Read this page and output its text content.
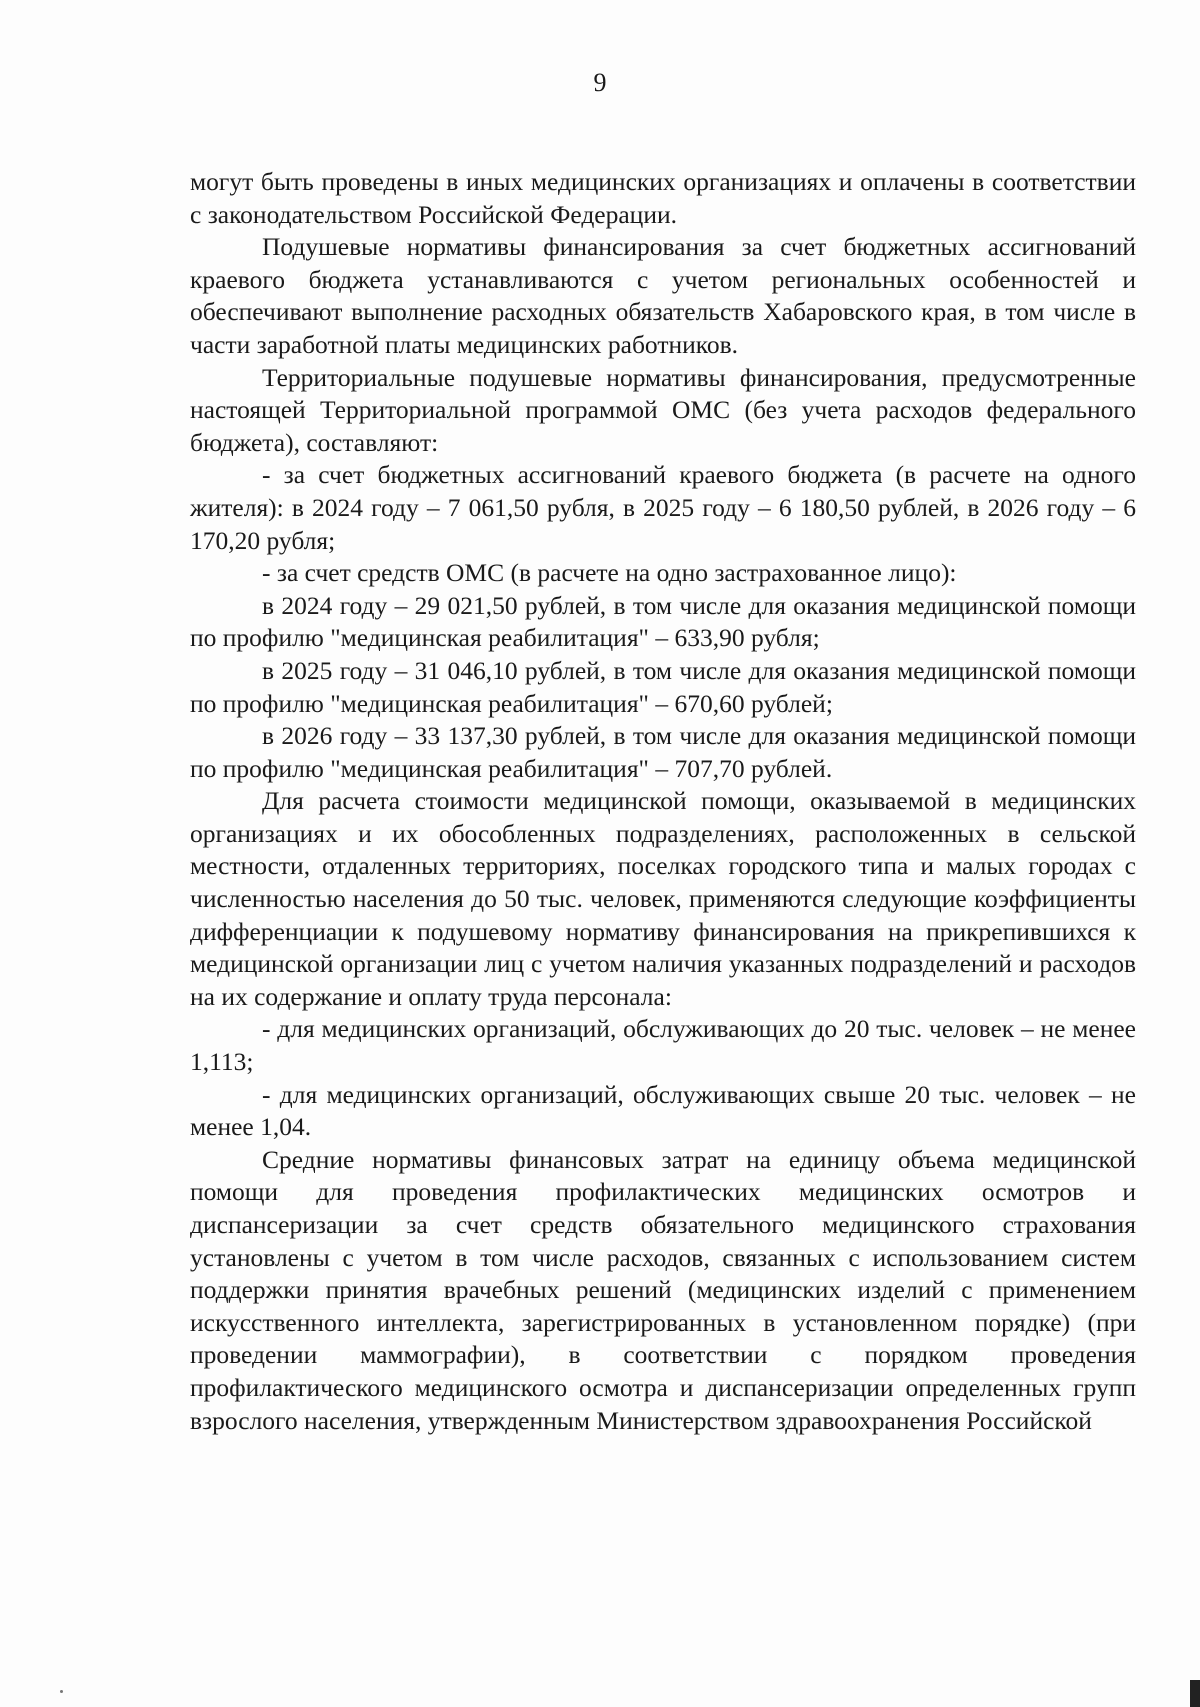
9

могут быть проведены в иных медицинских организациях и оплачены в соответствии с законодательством Российской Федерации.

Подушевые нормативы финансирования за счет бюджетных ассигнований краевого бюджета устанавливаются с учетом региональных особенностей и обеспечивают выполнение расходных обязательств Хабаровского края, в том числе в части заработной платы медицинских работников.

Территориальные подушевые нормативы финансирования, предусмотренные настоящей Территориальной программой ОМС (без учета расходов федерального бюджета), составляют:

- за счет бюджетных ассигнований краевого бюджета (в расчете на одного жителя): в 2024 году – 7 061,50 рубля, в 2025 году – 6 180,50 рублей, в 2026 году – 6 170,20 рубля;

- за счет средств ОМС (в расчете на одно застрахованное лицо):

в 2024 году – 29 021,50 рублей, в том числе для оказания медицинской помощи по профилю "медицинская реабилитация" – 633,90 рубля;

в 2025 году – 31 046,10 рублей, в том числе для оказания медицинской помощи по профилю "медицинская реабилитация" – 670,60 рублей;

в 2026 году – 33 137,30 рублей, в том числе для оказания медицинской помощи по профилю "медицинская реабилитация" – 707,70 рублей.

Для расчета стоимости медицинской помощи, оказываемой в медицинских организациях и их обособленных подразделениях, расположенных в сельской местности, отдаленных территориях, поселках городского типа и малых городах с численностью населения до 50 тыс. человек, применяются следующие коэффициенты дифференциации к подушевому нормативу финансирования на прикрепившихся к медицинской организации лиц с учетом наличия указанных подразделений и расходов на их содержание и оплату труда персонала:

- для медицинских организаций, обслуживающих до 20 тыс. человек – не менее 1,113;

- для медицинских организаций, обслуживающих свыше 20 тыс. человек – не менее 1,04.

Средние нормативы финансовых затрат на единицу объема медицинской помощи для проведения профилактических медицинских осмотров и диспансеризации за счет средств обязательного медицинского страхования установлены с учетом в том числе расходов, связанных с использованием систем поддержки принятия врачебных решений (медицинских изделий с применением искусственного интеллекта, зарегистрированных в установленном порядке) (при проведении маммографии), в соответствии с порядком проведения профилактического медицинского осмотра и диспансеризации определенных групп взрослого населения, утвержденным Министерством здравоохранения Российской
